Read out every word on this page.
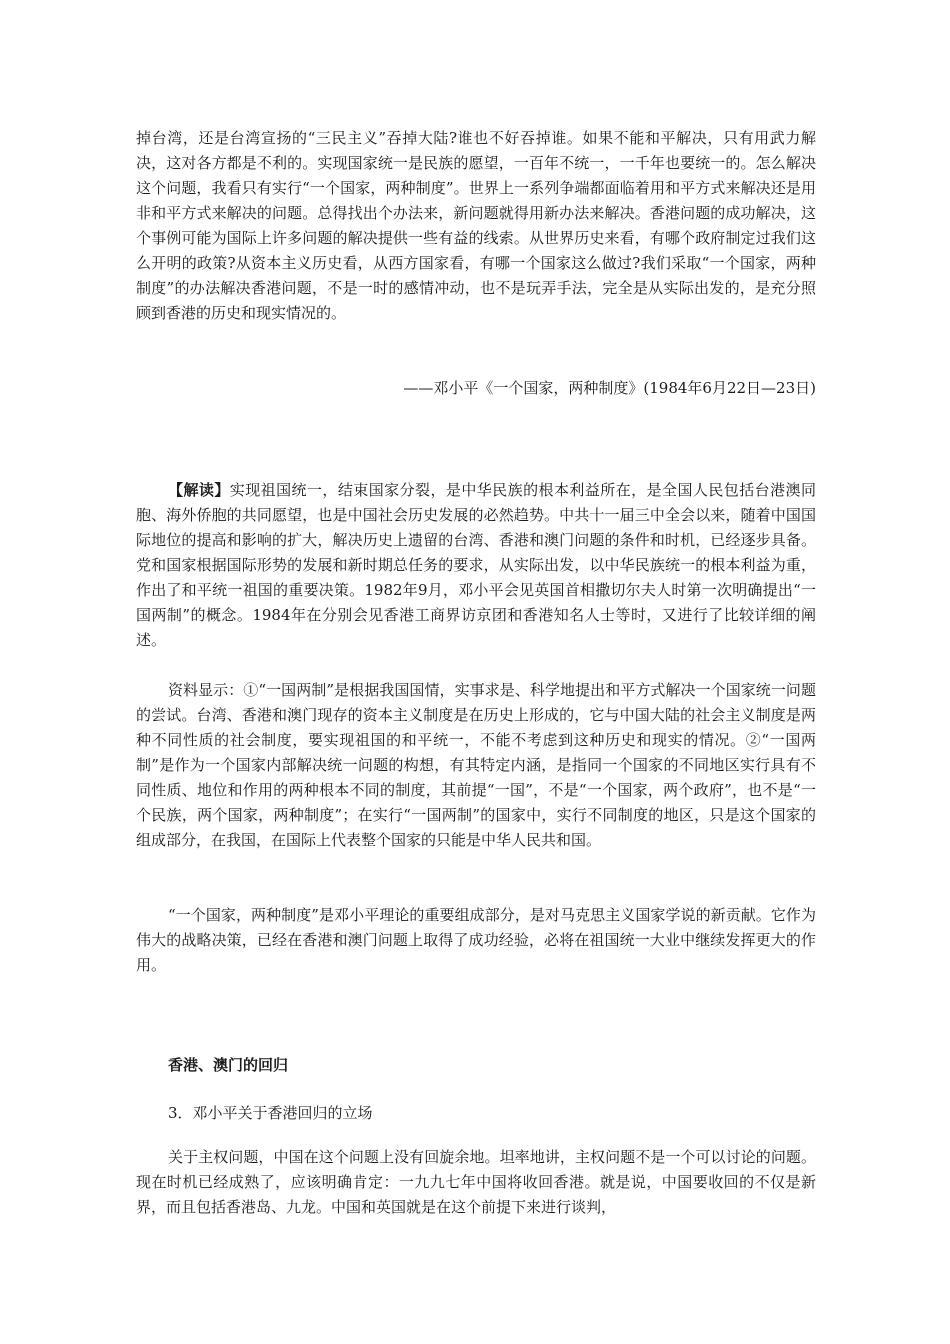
掉台湾，还是台湾宣扬的“三民主义”吞掉大陆?谁也不好吞掉谁。如果不能和平解决，只有用武力解决，这对各方都是不利的。实现国家统一是民族的愿望，一百年不统一，一千年也要统一的。怎么解决这个问题，我看只有实行“一个国家，两种制度”。世界上一系列争端都面临着用和平方式来解决还是用非和平方式来解决的问题。总得找出个办法来，新问题就得用新办法来解决。香港问题的成功解决，这个事例可能为国际上许多问题的解决提供一些有益的线索。从世界历史来看，有哪个政府制定过我们这么开明的政策?从资本主义历史看，从西方国家看，有哪一个国家这么做过?我们采取“一个国家，两种制度”的办法解决香港问题，不是一时的感情冲动，也不是玩弄手法，完全是从实际出发的，是充分照顾到香港的历史和现实情况的。
——邓小平《一个国家，两种制度》(1984年6月22日—23日)
【解读】实现祖国统一，结束国家分裂，是中华民族的根本利益所在，是全国人民包括台港澳同胞、海外侨胞的共同愿望，也是中国社会历史发展的必然趋势。中共十一届三中全会以来，随着中国国际地位的提高和影响的扩大，解决历史上遗留的台湾、香港和澳门问题的条件和时机，已经逐步具备。党和国家根据国际形势的发展和新时期总任务的要求，从实际出发，以中华民族统一的根本利益为重，作出了和平统一祖国的重要决策。1982年9月，邓小平会见英国首相撒切尔夫人时第一次明确提出“一国两制”的概念。1984年在分别会见香港工商界访京团和香港知名人士等时，又进行了比较详细的阐述。
资料显示：①“一国两制”是根据我国国情，实事求是、科学地提出和平方式解决一个国家统一问题的尝试。台湾、香港和澳门现存的资本主义制度是在历史上形成的，它与中国大陆的社会主义制度是两种不同性质的社会制度，要实现祖国的和平统一，不能不考虑到这种历史和现实的情况。②“一国两制”是作为一个国家内部解决统一问题的构想，有其特定内涵，是指同一个国家的不同地区实行具有不同性质、地位和作用的两种根本不同的制度，其前提“一国”，不是“一个国家，两个政府”，也不是“一个民族，两个国家，两种制度”；在实行“一国两制”的国家中，实行不同制度的地区，只是这个国家的组成部分，在我国，在国际上代表整个国家的只能是中华人民共和国。
“一个国家，两种制度”是邓小平理论的重要组成部分，是对马克思主义国家学说的新贡献。它作为伟大的战略决策，已经在香港和澳门问题上取得了成功经验，必将在祖国统一大业中继续发挥更大的作用。
香港、澳门的回归
3．邓小平关于香港回归的立场
关于主权问题，中国在这个问题上没有回旋余地。坦率地讲，主权问题不是一个可以讨论的问题。现在时机已经成熟了，应该明确肯定：一九九七年中国将收回香港。就是说，中国要收回的不仅是新界，而且包括香港岛、九龙。中国和英国就是在这个前提下来进行谈判，
